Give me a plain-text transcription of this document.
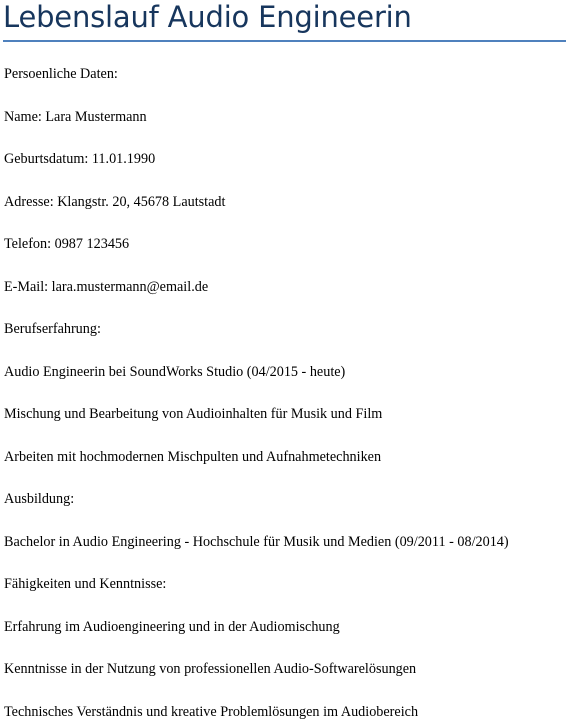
Lebenslauf Audio Engineerin

Persoenliche Daten:

Name: Lara Mustermann

Geburtsdatum: 11.01.1990

Adresse: Klangstr. 20, 45678 Lautstadt

Telefon: 0987 123456

E-Mail: lara.mustermann@email.de

Berufserfahrung:

Audio Engineerin bei SoundWorks Studio (04/2015 - heute)

Mischung und Bearbeitung von Audioinhalten für Musik und Film

Arbeiten mit hochmodernen Mischpulten und Aufnahmetechniken

Ausbildung:

Bachelor in Audio Engineering - Hochschule für Musik und Medien (09/2011 - 08/2014)

Fähigkeiten und Kenntnisse:

Erfahrung im Audioengineering und in der Audiomischung

Kenntnisse in der Nutzung von professionellen Audio-Softwarelösungen

Technisches Verständnis und kreative Problemlösungen im Audiobereich
